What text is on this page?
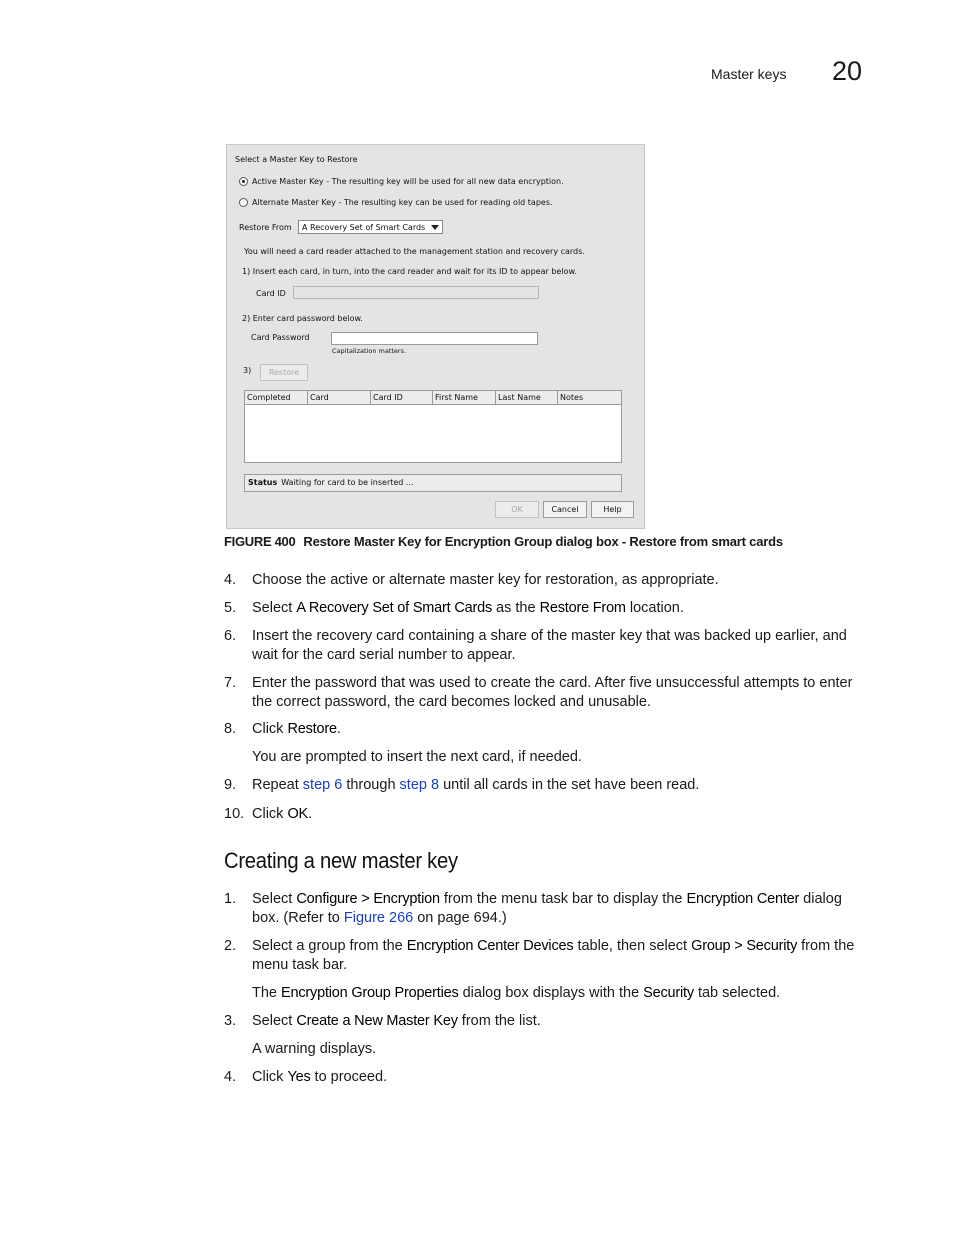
Master keys 20
Select a Master Key to Restore
Active Master Key - The resulting key will be used for all new data encryption.
Alternate Master Key - The resulting key can be used for reading old tapes.
Restore From A Recovery Set of Smart Cards
You will need a card reader attached to the management station and recovery cards.
1) Insert each card, in turn, into the card reader and wait for its ID to appear below.
Card ID
2) Enter card password below.
Card Password
Capitalization matters.
3)	Restore
Completed	Card	Card ID	First Name	Last Name	Notes
Status Waiting for card to be inserted ...
OK	Cancel	Help
FIGURE 400 Restore Master Key for Encryption Group dialog box - Restore from smart cards
4. Choose the active or alternate master key for restoration, as appropriate.
5. Select A Recovery Set of Smart Cards as the Restore From location.
6. Insert the recovery card containing a share of the master key that was backed up earlier, and wait for the card serial number to appear.
7. Enter the password that was used to create the card. After five unsuccessful attempts to enter the correct password, the card becomes locked and unusable.
8. Click Restore.
You are prompted to insert the next card, if needed.
9. Repeat step 6 through step 8 until all cards in the set have been read.
10. Click OK.
Creating a new master key
1. Select Configure > Encryption from the menu task bar to display the Encryption Center dialog box. (Refer to Figure 266 on page 694.)
2. Select a group from the Encryption Center Devices table, then select Group > Security from the menu task bar.
The Encryption Group Properties dialog box displays with the Security tab selected.
3. Select Create a New Master Key from the list.
A warning displays.
4. Click Yes to proceed.
